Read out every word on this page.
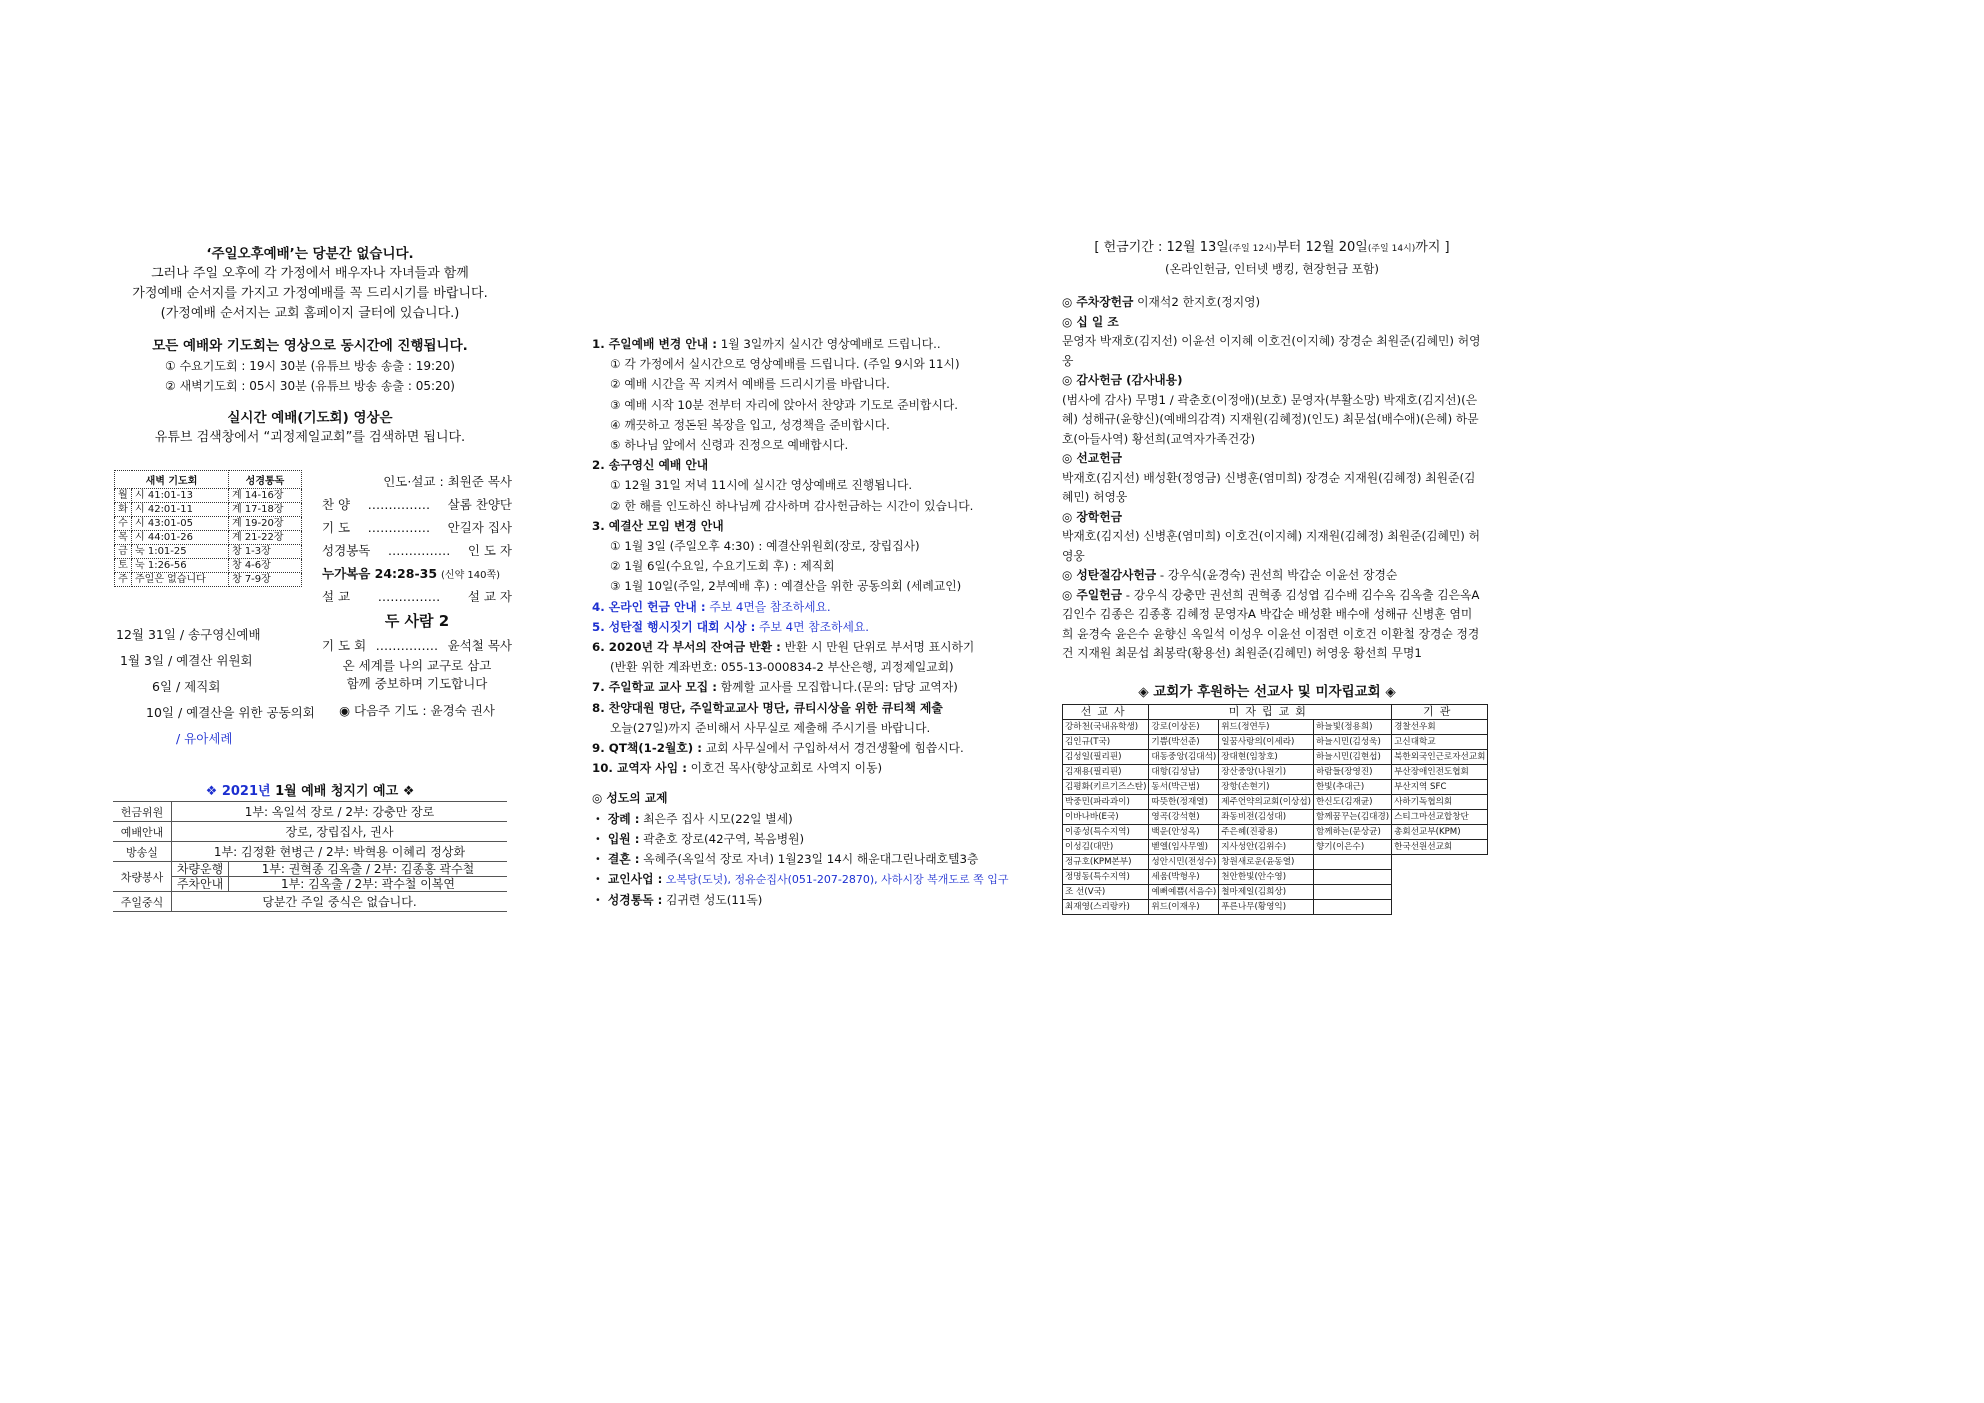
‘주일오후예배’는 당분간 없습니다.
그러나 주일 오후에 각 가정에서 배우자나 자녀들과 함께
가정예배 순서지를 가지고 가정예배를 꼭 드리시기를 바랍니다.
(가정예배 순서지는 교회 홈페이지 글터에 있습니다.)
모든 예배와 기도회는 영상으로 동시간에 진행됩니다.
① 수요기도회 : 19시 30분 (유튜브 방송 송출 : 19:20)
② 새벽기도회 : 05시 30분 (유튜브 방송 송출 : 05:20)
실시간 예배(기도회) 영상은
유튜브 검색창에서 “괴정제일교회”를 검색하면 됩니다.
새벽 기도회		성경통독
월	시 41:01-13	계 14-16장
화	시 42:01-11	계 17-18장
수	시 43:01-05	계 19-20장
목	시 44:01-26	계 21-22장
금	눅 1:01-25	창 1-3장
토	눅 1:26-56	창 4-6장
주	주일은 없습니다	창 7-9장
인도·설교 : 최원준 목사
찬 양 …………… 살롬 찬양단
기 도 …………… 안길자 집사
성경봉독 …………… 인 도 자
누가복음 24:28-35 (신약 140쪽)
설 교 …………… 설 교 자
두 사람 2
기 도 회 …………… 윤석철 목사
온 세계를 나의 교구로 삼고
함께 중보하며 기도합니다
◉ 다음주 기도 : 윤경숙 권사
12월 31일 / 송구영신예배
1월 3일 / 예결산 위원회
6일 / 제직회
10일 / 예결산을 위한 공동의회
/ 유아세례
❖ 2021년 1월 예배 청지기 예고 ❖
헌금위원	1부: 옥일석 장로 / 2부: 강충만 장로	
예배안내	장로, 장립집사, 권사	
방송실	1부: 김정환 현병근 / 2부: 박혁용 이혜리 정상화	
차량봉사	차량운행	1부: 권혁종 김옥출 / 2부: 김종홍 곽수철
	주차안내	1부: 김옥출 / 2부: 곽수철 이복연
주일중식	당분간 주일 중식은 없습니다.	
1. 주일예배 변경 안내 : 1월 3일까지 실시간 영상예배로 드립니다..
① 각 가정에서 실시간으로 영상예배를 드립니다. (주일 9시와 11시)
② 예배 시간을 꼭 지켜서 예배를 드리시기를 바랍니다.
③ 예배 시작 10분 전부터 자리에 앉아서 찬양과 기도로 준비합시다.
④ 깨끗하고 정돈된 복장을 입고, 성경책을 준비합시다.
⑤ 하나님 앞에서 신령과 진정으로 예배합시다.
2. 송구영신 예배 안내
① 12월 31일 저녁 11시에 실시간 영상예배로 진행됩니다.
② 한 해를 인도하신 하나님께 감사하며 감사헌금하는 시간이 있습니다.
3. 예결산 모임 변경 안내
① 1월 3일 (주일오후 4:30) : 예결산위원회(장로, 장립집사)
② 1월 6일(수요일, 수요기도회 후) : 제직회
③ 1월 10일(주일, 2부예배 후) : 예결산을 위한 공동의회 (세례교인)
4. 온라인 헌금 안내 : 주보 4면을 참조하세요.
5. 성탄절 행시짓기 대회 시상 : 주보 4면 참조하세요.
6. 2020년 각 부서의 잔여금 반환 : 반환 시 만원 단위로 부서명 표시하기
(반환 위한 계좌번호: 055-13-000834-2 부산은행, 괴정제일교회)
7. 주일학교 교사 모집 : 함께할 교사를 모집합니다.(문의: 담당 교역자)
8. 찬양대원 명단, 주일학교교사 명단, 큐티시상을 위한 큐티책 제출
오늘(27일)까지 준비해서 사무실로 제출해 주시기를 바랍니다.
9. QT책(1-2월호) : 교회 사무실에서 구입하셔서 경건생활에 힘씁시다.
10. 교역자 사임 : 이호건 목사(향상교회로 사역지 이동)
◎ 성도의 교제
・ 장례 : 최은주 집사 시모(22일 별세)
・ 입원 : 곽춘호 장로(42구역, 복음병원)
・ 결혼 : 옥혜주(옥일석 장로 자녀) 1월23일 14시 해운대그린나래호텔3층
・ 교인사업 : 오복당(도넛), 정유순집사(051-207-2870), 사하시장 복개도로 쪽 입구
・ 성경통독 : 김귀련 성도(11독)
[ 헌금기간 : 12월 13일(주일 12시)부터 12월 20일(주일 14시)까지 ]
(온라인헌금, 인터넷 뱅킹, 현장헌금 포함)
◎ 주차장헌금 이재석2 한지호(정지영)
◎ 십 일 조
문영자 박재호(김지선) 이윤선 이지혜 이호건(이지혜) 장경순 최원준(김혜민) 허영웅
◎ 감사헌금 (감사내용)
(범사에 감사) 무명1 / 곽춘호(이정애)(보호) 문영자(부활소망) 박재호(김지선)(은혜) 성해규(윤향신)(예배의감격) 지재원(김혜정)(인도) 최문섭(배수애)(은혜) 하문호(아들사역) 황선희(교역자가족건강)
◎ 선교헌금
박재호(김지선) 배성환(정영금) 신병훈(염미희) 장경순 지재원(김혜정) 최원준(김혜민) 허영웅
◎ 장학헌금
박재호(김지선) 신병훈(염미희) 이호건(이지혜) 지재원(김혜정) 최원준(김혜민) 허영웅
◎ 성탄절감사헌금 - 강우식(윤경숙) 권선희 박갑순 이윤선 장경순
◎ 주일헌금 - 강우식 강충만 권선희 권혁종 김성엽 김수배 김수옥 김옥출 김은옥A 김인수 김종은 김종홍 김혜정 문영자A 박갑순 배성환 배수애 성해규 신병훈 염미희 윤경숙 윤은수 윤향신 옥일석 이성우 이윤선 이점련 이호건 이환철 장경순 정경건 지재원 최문섭 최봉락(황용선) 최원준(김혜민) 허영웅 황선희 무명1
◈ 교회가 후원하는 선교사 및 미자립교회 ◈
선교사	미자립교회			기관
강하천(국내유학생)	강로(이상돈)	위드(정연두)	하늘빛(정용희)	경찰선우회
김인규(T국)	기쁨(박선준)	일꿈사랑의(이세라)	하늘시민(김성욱)	고신대학교
김성일(필리핀)	대동중앙(김대석)	장대현(임창호)	하늘시민(김현섭)	북한외국인근로자선교회
김재용(필리핀)	대항(김성남)	장산중앙(나원기)	하람들(장영진)	부산장애인전도협회
김평화(키르기즈스탄)	동서(박근범)	장항(손현기)	한빛(추대근)	부산지역 SFC
박중민(파라과이)	따뜻한(정재열)	제주언약의교회(이상섭)	한신도(김재균)	사하기독협의회
이바나바(E국)	영곡(강석현)	좌동비전(김성대)	함께꿈꾸는(김대경)	스티그마선교합창단
이종성(특수지역)	백운(안성옥)	주은혜(진광용)	함께하는(문상균)	총회선교부(KPM)
이성김(대만)	벧엘(임사무엘)	지사성안(김위수)	향기(이은수)	한국선원선교회
정규호(KPM본부)	성안시민(전성수)	창원새로운(윤동열)		
정명동(특수지역)	세움(박형우)	천안한빛(안수영)		
조 선(V국)	예뻐예쁨(서음수)	철마제일(김희상)		
최재영(스리랑카)	위드(이재우)	푸른나무(황영익)		
